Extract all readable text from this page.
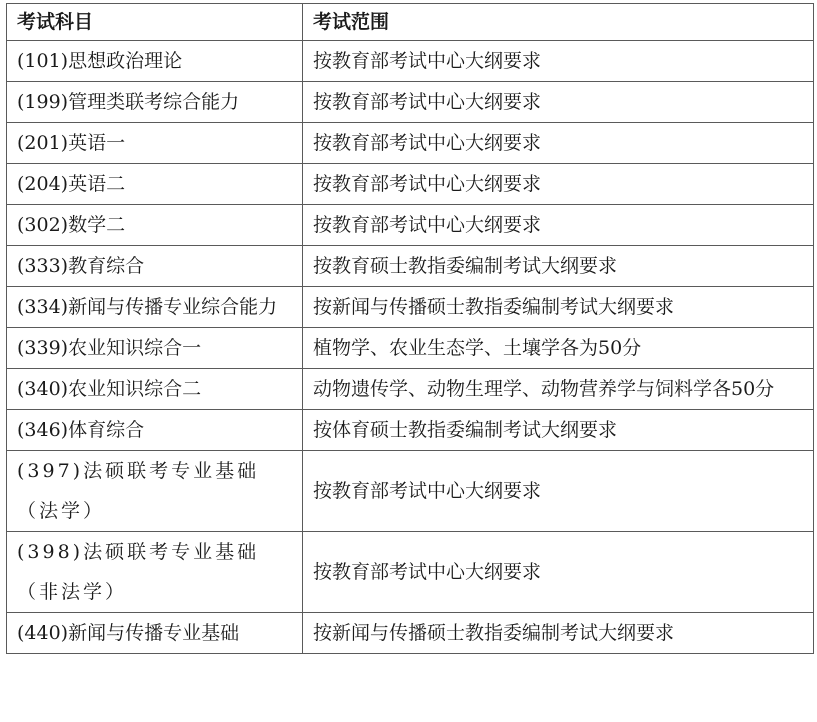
考试科目	考试范围
(101)思想政治理论	按教育部考试中心大纲要求
(199)管理类联考综合能力	按教育部考试中心大纲要求
(201)英语一	按教育部考试中心大纲要求
(204)英语二	按教育部考试中心大纲要求
(302)数学二	按教育部考试中心大纲要求
(333)教育综合	按教育硕士教指委编制考试大纲要求
(334)新闻与传播专业综合能力	按新闻与传播硕士教指委编制考试大纲要求
(339)农业知识综合一	植物学、农业生态学、土壤学各为50分
(340)农业知识综合二	动物遗传学、动物生理学、动物营养学与饲料学各50分
(346)体育综合	按体育硕士教指委编制考试大纲要求
(397)法硕联考专业基础（法学）	按教育部考试中心大纲要求
(398)法硕联考专业基础（非法学）	按教育部考试中心大纲要求
(440)新闻与传播专业基础	按新闻与传播硕士教指委编制考试大纲要求
